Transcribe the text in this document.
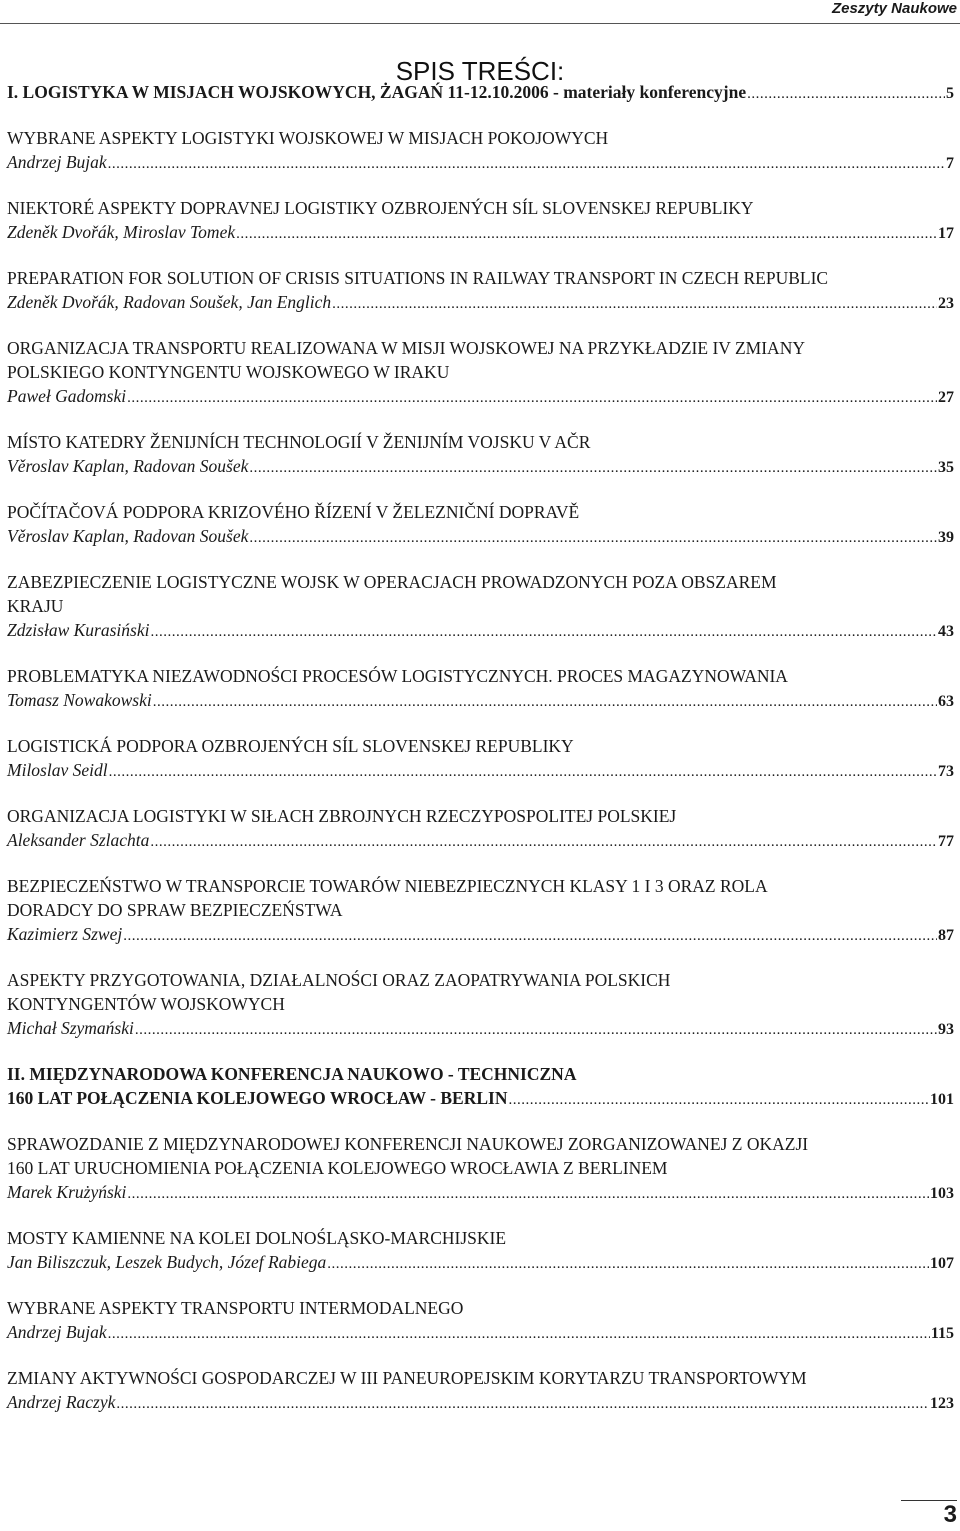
Zeszyty Naukowe
SPIS TREŚCI:
I. LOGISTYKA W MISJACH WOJSKOWYCH, ŻAGAŃ 11-12.10.2006 - materiały konferencyjne .....	5
WYBRANE ASPEKTY LOGISTYKI WOJSKOWEJ W MISJACH POKOJOWYCH
Andrzej Bujak .....	7
NIEKTORÉ ASPEKTY DOPRAVNEJ LOGISTIKY OZBROJENÝCH SÍL SLOVENSKEJ REPUBLIKY
Zdeněk Dvořák, Miroslav Tomek .....	17
PREPARATION FOR SOLUTION OF CRISIS SITUATIONS IN RAILWAY TRANSPORT IN CZECH REPUBLIC
Zdeněk Dvořák, Radovan Soušek, Jan Englich .....	23
ORGANIZACJA TRANSPORTU REALIZOWANA W MISJI WOJSKOWEJ NA PRZYKŁADZIE IV ZMIANY
POLSKIEGO KONTYNGENTU WOJSKOWEGO W IRAKU
Paweł Gadomski .....	27
MÍSTO KATEDRY ŽENIJNÍCH TECHNOLOGIÍ V ŽENIJNÍM VOJSKU V AČR
Věroslav Kaplan, Radovan Soušek .....	35
POČÍTAČOVÁ PODPORA KRIZOVÉHO ŘÍZENÍ V ŽELEZNIČNÍ DOPRAVĚ
Věroslav Kaplan, Radovan Soušek .....	39
ZABEZPIECZENIE LOGISTYCZNE WOJSK W OPERACJACH PROWADZONYCH POZA OBSZAREM
KRAJU
Zdzisław Kurasiński .....	43
PROBLEMATYKA NIEZAWODNOŚCI PROCESÓW LOGISTYCZNYCH. PROCES MAGAZYNOWANIA
Tomasz Nowakowski .....	63
LOGISTICKÁ PODPORA OZBROJENÝCH SÍL SLOVENSKEJ REPUBLIKY
Miloslav Seidl .....	73
ORGANIZACJA LOGISTYKI W SIŁACH ZBROJNYCH RZECZYPOSPOLITEJ POLSKIEJ
Aleksander Szlachta .....	77
BEZPIECZEŃSTWO W TRANSPORCIE TOWARÓW NIEBEZPIECZNYCH KLASY 1 I 3 ORAZ ROLA
DORADCY DO SPRAW BEZPIECZEŃSTWA
Kazimierz Szwej .....	87
ASPEKTY PRZYGOTOWANIA, DZIAŁALNOŚCI ORAZ ZAOPATRYWANIA POLSKICH
KONTYNGENTÓW WOJSKOWYCH
Michał Szymański .....	93
II. MIĘDZYNARODOWA KONFERENCJA NAUKOWO - TECHNICZNA
160 LAT POŁĄCZENIA KOLEJOWEGO WROCŁAW - BERLIN .....	101
SPRAWOZDANIE Z MIĘDZYNARODOWEJ KONFERENCJI NAUKOWEJ ZORGANIZOWANEJ Z OKAZJI
160 LAT URUCHOMIENIA POŁĄCZENIA KOLEJOWEGO WROCŁAWIA Z BERLINEM
Marek Krużyński .....	103
MOSTY KAMIENNE NA KOLEI DOLNOŚLĄSKO-MARCHIJSKIE
Jan Biliszczuk, Leszek Budych, Józef Rabiega .....	107
WYBRANE ASPEKTY TRANSPORTU INTERMODALNEGO
Andrzej Bujak .....	115
ZMIANY AKTYWNOŚCI GOSPODARCZEJ W III PANEUROPEJSKIM KORYTARZU TRANSPORTOWYM
Andrzej Raczyk .....	123
3
